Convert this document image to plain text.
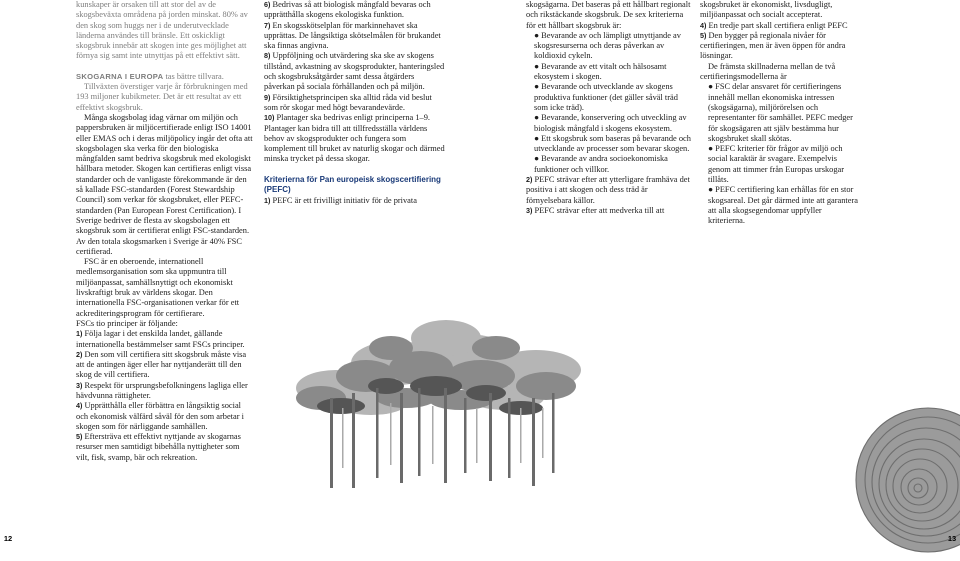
kunskaper är orsaken till att stor del av de skogsbeväxta områdena på jorden minskat. 80% av den skog som huggs ner i de underutvecklade länderna användes till bränsle. Ett oskickligt skogsbruk innebär att skogen inte ges möjlighet att förnya sig samt inte utnyttjas på ett effektivt sätt.

SKOGARNA I EUROPA tas bättre tillvara.

Tillväxten överstiger varje år förbrukningen med 193 miljoner kubikmeter. Det är ett resultat av ett effektivt skogsbruk.

Många skogsbolag idag värnar om miljön och pappersbruken är miljöcertifierade enligt ISO 14001 eller EMAS och i deras miljöpolicy ingår det ofta att skogsbolagen ska verka för den biologiska mångfalden samt bedriva skogsbruk med ekologiskt hållbara metoder. Skogen kan certifieras enligt vissa standarder och de vanligaste förekommande är den så kallade FSC-standarden (Forest Stewardship Council) som verkar för skogsbruket, eller PEFC-standarden (Pan European Forest Certification). I Sverige bedriver de flesta av skogsbolagen ett skogsbruk som är certifierat enligt FSC-standarden. Av den totala skogsmarken i Sverige är 40% FSC certifierad.

FSC är en oberoende, internationell medlemsorganisation som ska uppmuntra till miljöanpassat, samhällsnyttigt och ekonomiskt livskraftigt bruk av världens skogar. Den internationella FSC-organisationen verkar för ett ackrediteringsprogram för certifierare.

FSCs tio principer är följande:

1) Följa lagar i det enskilda landet, gällande internationella bestämmelser samt FSCs principer.

2) Den som vill certifiera sitt skogsbruk måste visa att de antingen äger eller har nyttjanderätt till den skog de vill certifiera.

3) Respekt för ursprungsbefolkningens lagliga eller hävdvunna rättigheter.

4) Upprätthålla eller förbättra en långsiktig social och ekonomisk välfärd såväl för den som arbetar i skogen som för närliggande samhällen.

5) Eftersträva ett effektivt nyttjande av skogarnas resurser men samtidigt bibehålla nyttigheter som vilt, fisk, svamp, bär och rekreation.

6) Bedrivas så att biologisk mångfald bevaras och upprätthålla skogens ekologiska funktion.

7) En skogsskötselplan för markinnehavet ska upprättas. De långsiktiga skötselmålen för brukandet ska finnas angivna.

8) Uppföljning och utvärdering ska ske av skogens tillstånd, avkastning av skogsprodukter, hanteringsled och skogsbruksåtgärder samt dessa åtgärders påverkan på sociala förhållanden och på miljön.

9) Försiktighetsprincipen ska alltid råda vid beslut som rör skogar med högt bevarandevärde.

10) Plantager ska bedrivas enligt principerna 1–9. Plantager kan bidra till att tillfredsställa världens behov av skogsprodukter och fungera som komplement till bruket av naturlig skogar och därmed minska trycket på dessa skogar.

Kriterierna för Pan europeisk skogscertifiering (PEFC)

1) PEFC är ett frivilligt initiativ för de privata

skogsägarna. Det baseras på ett hållbart regionalt och rikstäckande skogsbruk. De sex kriterierna för ett hållbart skogsbruk är:

● Bevarande av och lämpligt utnyttjande av skogsresurserna och deras påverkan av koldioxid cykeln.

● Bevarande av ett vitalt och hälsosamt ekosystem i skogen.

● Bevarande och utvecklande av skogens produktiva funktioner (det gäller såväl träd som icke träd).

● Bevarande, konservering och utveckling av biologisk mångfald i skogens ekosystem.

● Ett skogsbruk som baseras på bevarande och utvecklande av processer som bevarar skogen.

● Bevarande av andra socioekonomiska funktioner och villkor.

2) PEFC strävar efter att ytterligare framhäva det positiva i att skogen och dess träd är förnyelsebara källor.

3) PEFC strävar efter att medverka till att

skogsbruket är ekonomiskt, livsdugligt, miljöanpassat och socialt accepterat.

4) En tredje part skall certifiera enligt PEFC

5) Den bygger på regionala nivåer för certifieringen, men är även öppen för andra lösningar.

De främsta skillnaderna mellan de två certifieringsmodellerna är

● FSC delar ansvaret för certifieringens innehåll mellan ekonomiska intressen (skogsägarna), miljörörelsen och representanter för samhället. PEFC medger för skogsägaren att själv bestämma hur skogsbruket skall skötas.

● PEFC kriterier för frågor av miljö och social karaktär är svagare. Exempelvis genom att timmer från Europas urskogar tillåts.

● PEFC certifiering kan erhållas för en stor skogsareal. Det går därmed inte att garantera att alla skogsegendomar uppfyller kriterierna.

12	13
